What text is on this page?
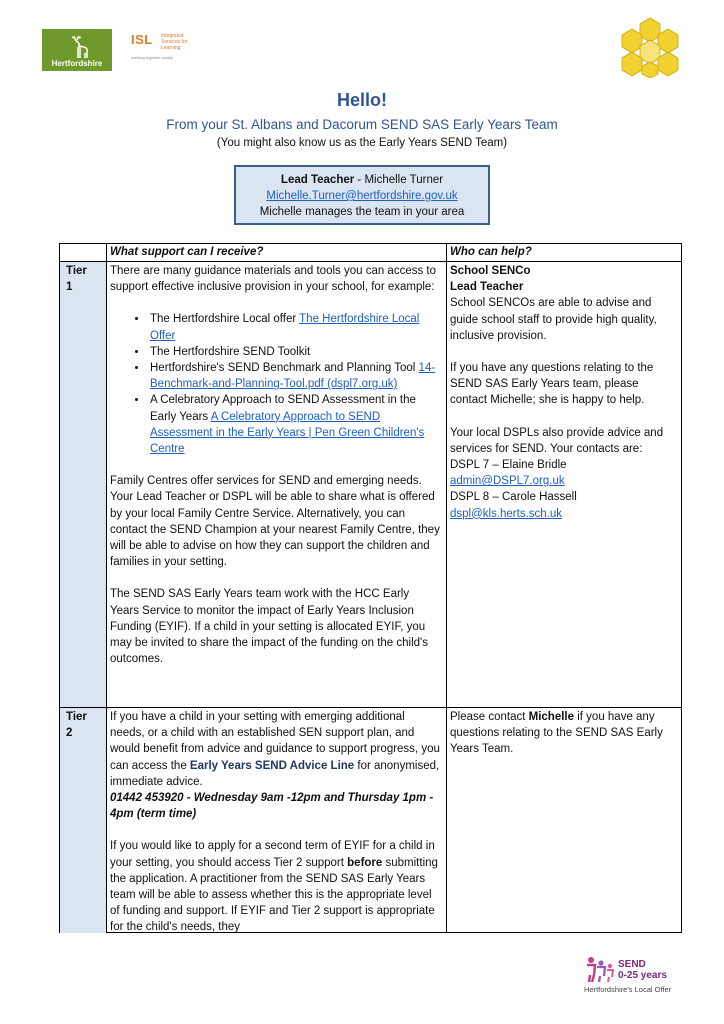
Hertfordshire
ISL Integrated Services for Learning
working together locally
Hello!
From your St. Albans and Dacorum SEND SAS Early Years Team
(You might also know us as the Early Years SEND Team)
Lead Teacher - Michelle Turner
Michelle.Turner@hertfordshire.gov.uk
Michelle manages the team in your area
What support can I receive?	Who can help?
Tier
1

There are many guidance materials and tools you can access to support effective inclusive provision in your school, for example:

• The Hertfordshire Local offer The Hertfordshire Local Offer
• The Hertfordshire SEND Toolkit
• Hertfordshire's SEND Benchmark and Planning Tool 14-Benchmark-and-Planning-Tool.pdf (dspl7.org.uk)
• A Celebratory Approach to SEND Assessment in the Early Years A Celebratory Approach to SEND Assessment in the Early Years | Pen Green Children's Centre

Family Centres offer services for SEND and emerging needs. Your Lead Teacher or DSPL will be able to share what is offered by your local Family Centre Service. Alternatively, you can contact the SEND Champion at your nearest Family Centre, they will be able to advise on how they can support the children and families in your setting.

The SEND SAS Early Years team work with the HCC Early Years Service to monitor the impact of Early Years Inclusion Funding (EYIF). If a child in your setting is allocated EYIF, you may be invited to share the impact of the funding on the child's outcomes.

School SENCo

Lead Teacher

School SENCOs are able to advise and guide school staff to provide high quality, inclusive provision.

If you have any questions relating to the SEND SAS Early Years team, please contact Michelle; she is happy to help.

Your local DSPLs also provide advice and services for SEND. Your contacts are:

DSPL 7 – Elaine Bridle

admin@DSPL7.org.uk

DSPL 8 – Carole Hassell

dspl@kls.herts.sch.uk

Tier
2

If you have a child in your setting with emerging additional needs, or a child with an established SEN support plan, and would benefit from advice and guidance to support progress, you can access the Early Years SEND Advice Line for anonymised, immediate advice.

01442 453920 - Wednesday 9am -12pm and Thursday 1pm - 4pm (term time)

If you would like to apply for a second term of EYIF for a child in your setting, you should access Tier 2 support before submitting the application. A practitioner from the SEND SAS Early Years team will be able to assess whether this is the appropriate level of funding and support. If EYIF and Tier 2 support is appropriate for the child's needs, they

Please contact Michelle if you have any questions relating to the SEND SAS Early Years Team.

SEND
0-25 years
Hertfordshire's Local Offer
